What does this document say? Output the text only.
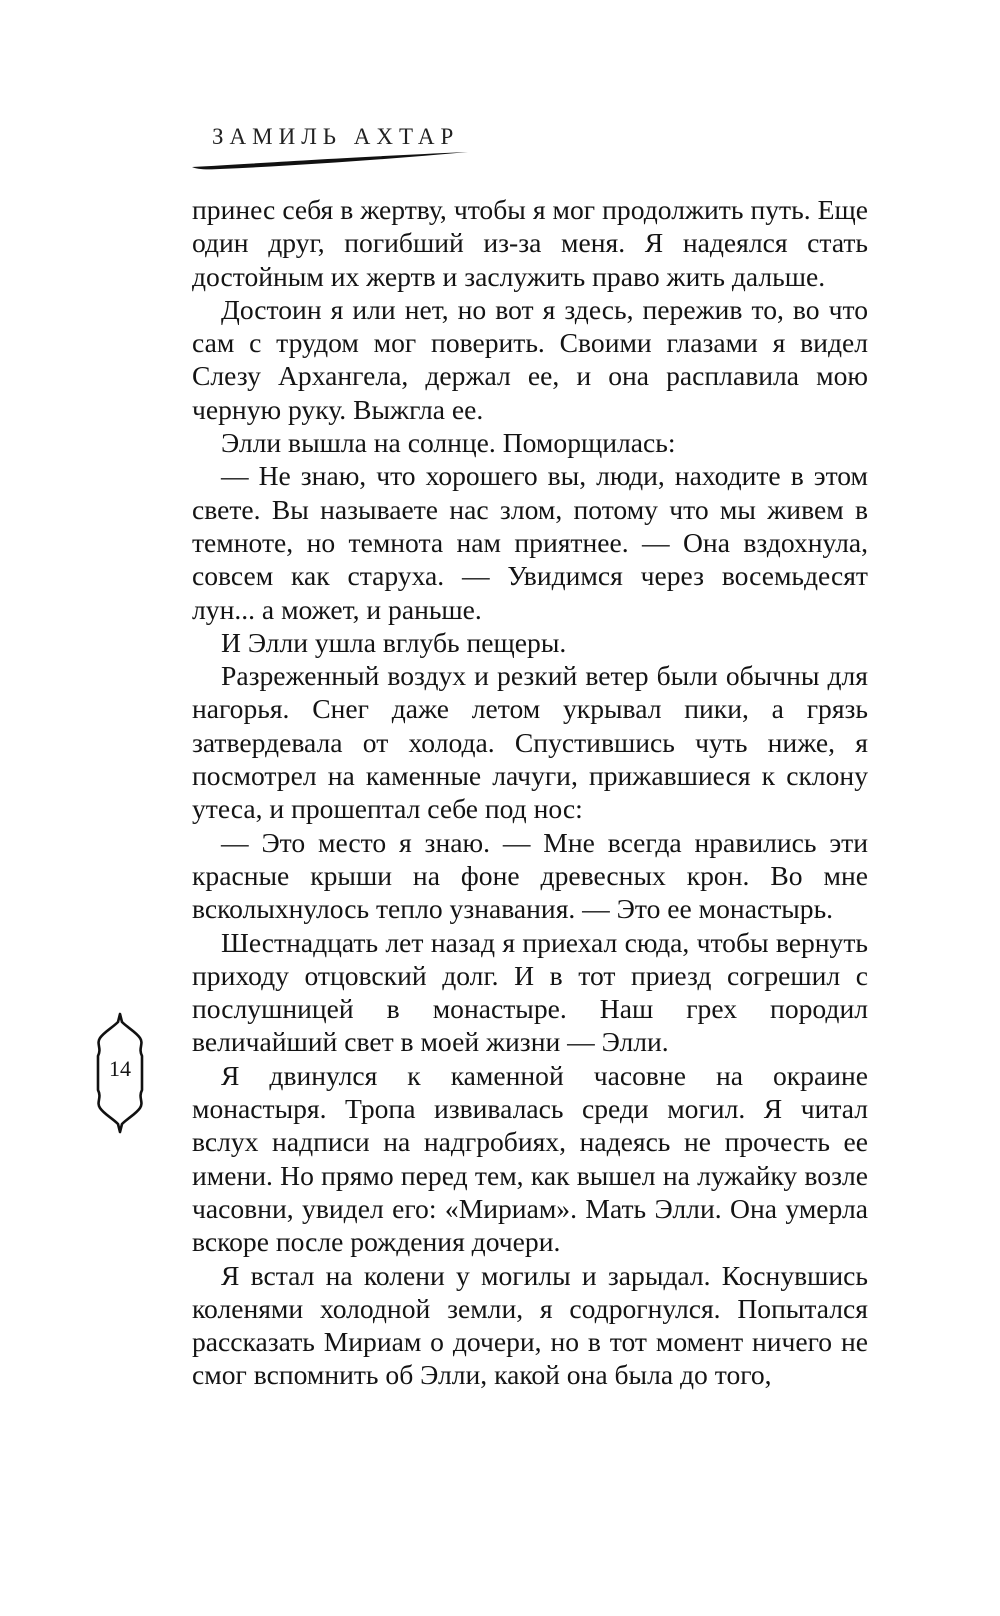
ЗАМИЛЬ АХТАР

принес себя в жертву, чтобы я мог продолжить путь. Еще один друг, погибший из-за меня. Я надеялся стать достойным их жертв и заслужить право жить дальше.

Достоин я или нет, но вот я здесь, пережив то, во что сам с трудом мог поверить. Своими глазами я видел Слезу Архангела, держал ее, и она расплавила мою черную руку. Выжгла ее.

Элли вышла на солнце. Поморщилась:

— Не знаю, что хорошего вы, люди, находите в этом свете. Вы называете нас злом, потому что мы живем в темноте, но темнота нам приятнее. — Она вздохнула, совсем как старуха. — Увидимся через восемьдесят лун... а может, и раньше.

И Элли ушла вглубь пещеры.

Разреженный воздух и резкий ветер были обычны для нагорья. Снег даже летом укрывал пики, а грязь затвердевала от холода. Спустившись чуть ниже, я посмотрел на каменные лачуги, прижавшиеся к склону утеса, и прошептал себе под нос:

— Это место я знаю. — Мне всегда нравились эти красные крыши на фоне древесных крон. Во мне всколыхнулось тепло узнавания. — Это ее монастырь.

Шестнадцать лет назад я приехал сюда, чтобы вернуть приходу отцовский долг. И в тот приезд согрешил с послушницей в монастыре. Наш грех породил величайший свет в моей жизни — Элли.

Я двинулся к каменной часовне на окраине монастыря. Тропа извивалась среди могил. Я читал вслух надписи на надгробиях, надеясь не прочесть ее имени. Но прямо перед тем, как вышел на лужайку возле часовни, увидел его: «Мириам». Мать Элли. Она умерла вскоре после рождения дочери.

Я встал на колени у могилы и зарыдал. Коснувшись коленями холодной земли, я содрогнулся. Попытался рассказать Мириам о дочери, но в тот момент ничего не смог вспомнить об Элли, какой она была до того,

14
